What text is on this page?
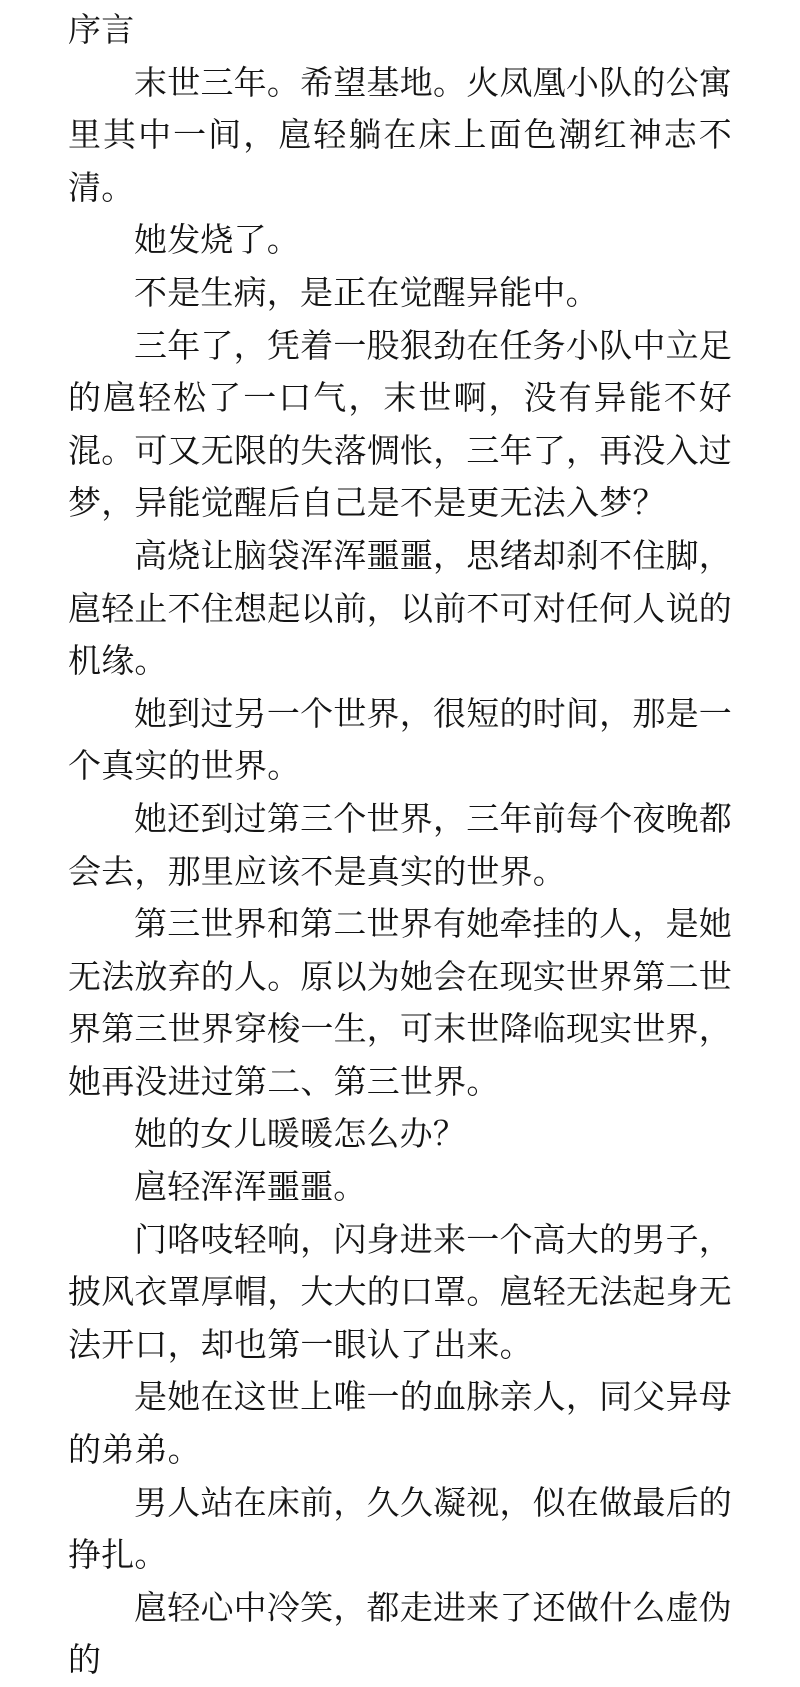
序言

末世三年。希望基地。火凤凰小队的公寓里其中一间，扈轻躺在床上面色潮红神志不清。

她发烧了。

不是生病，是正在觉醒异能中。

三年了，凭着一股狠劲在任务小队中立足的扈轻松了一口气，末世啊，没有异能不好混。可又无限的失落惆怅，三年了，再没入过梦，异能觉醒后自己是不是更无法入梦？

高烧让脑袋浑浑噩噩，思绪却刹不住脚，扈轻止不住想起以前，以前不可对任何人说的机缘。

她到过另一个世界，很短的时间，那是一个真实的世界。

她还到过第三个世界，三年前每个夜晚都会去，那里应该不是真实的世界。

第三世界和第二世界有她牵挂的人，是她无法放弃的人。原以为她会在现实世界第二世界第三世界穿梭一生，可末世降临现实世界，她再没进过第二、第三世界。

她的女儿暖暖怎么办？

扈轻浑浑噩噩。

门咯吱轻响，闪身进来一个高大的男子，披风衣罩厚帽，大大的口罩。扈轻无法起身无法开口，却也第一眼认了出来。

是她在这世上唯一的血脉亲人，同父异母的弟弟。

男人站在床前，久久凝视，似在做最后的挣扎。

扈轻心中冷笑，都走进来了还做什么虚伪的
